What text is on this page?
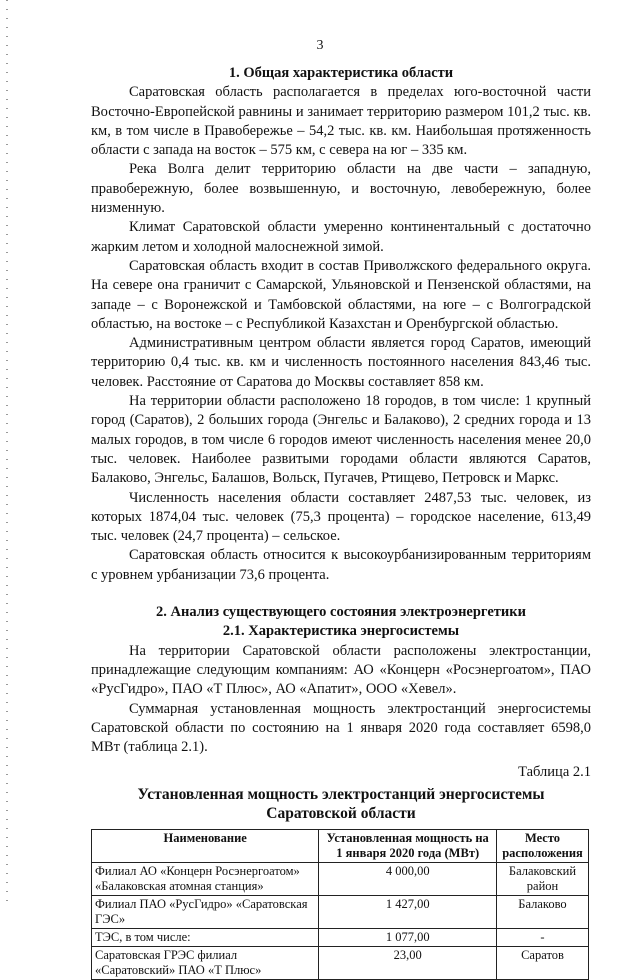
3
1. Общая характеристика области

Саратовская область располагается в пределах юго-восточной части Восточно-Европейской равнины и занимает территорию размером 101,2 тыс. кв. км, в том числе в Правобережье – 54,2 тыс. кв. км. Наибольшая протяженность области с запада на восток – 575 км, с севера на юг – 335 км.

Река Волга делит территорию области на две части – западную, правобережную, более возвышенную, и восточную, левобережную, более низменную.

Климат Саратовской области умеренно континентальный с достаточно жарким летом и холодной малоснежной зимой.

Саратовская область входит в состав Приволжского федерального округа. На севере она граничит с Самарской, Ульяновской и Пензенской областями, на западе – с Воронежской и Тамбовской областями, на юге – с Волгоградской областью, на востоке – с Республикой Казахстан и Оренбургской областью.

Административным центром области является город Саратов, имеющий территорию 0,4 тыс. кв. км и численность постоянного населения 843,46 тыс. человек. Расстояние от Саратова до Москвы составляет 858 км.

На территории области расположено 18 городов, в том числе: 1 крупный город (Саратов), 2 больших города (Энгельс и Балаково), 2 средних города и 13 малых городов, в том числе 6 городов имеют численность населения менее 20,0 тыс. человек. Наиболее развитыми городами области являются Саратов, Балаково, Энгельс, Балашов, Вольск, Пугачев, Ртищево, Петровск и Маркс.

Численность населения области составляет 2487,53 тыс. человек, из которых 1874,04 тыс. человек (75,3 процента) – городское население, 613,49 тыс. человек (24,7 процента) – сельское.

Саратовская область относится к высокоурбанизированным территориям с уровнем урбанизации 73,6 процента.

2. Анализ существующего состояния электроэнергетики
2.1. Характеристика энергосистемы

На территории Саратовской области расположены электростанции, принадлежащие следующим компаниям: АО «Концерн «Росэнергоатом», ПАО «РусГидро», ПАО «Т Плюс», АО «Апатит», ООО «Хевел».

Суммарная установленная мощность электростанций энергосистемы Саратовской области по состоянию на 1 января 2020 года составляет 6598,0 МВт (таблица 2.1).

Таблица 2.1
Установленная мощность электростанций энергосистемы
Саратовской области
Наименование	Установленная мощность на 1 января 2020 года (МВт)	Место расположения
Филиал АО «Концерн Росэнергоатом» «Балаковская атомная станция»	4 000,00	Балаковский район
Филиал ПАО «РусГидро» «Саратовская ГЭС»	1 427,00	Балаково
ТЭС, в том числе:	1 077,00	-
Саратовская ГРЭС филиал «Саратовский» ПАО «Т Плюс»	23,00	Саратов
